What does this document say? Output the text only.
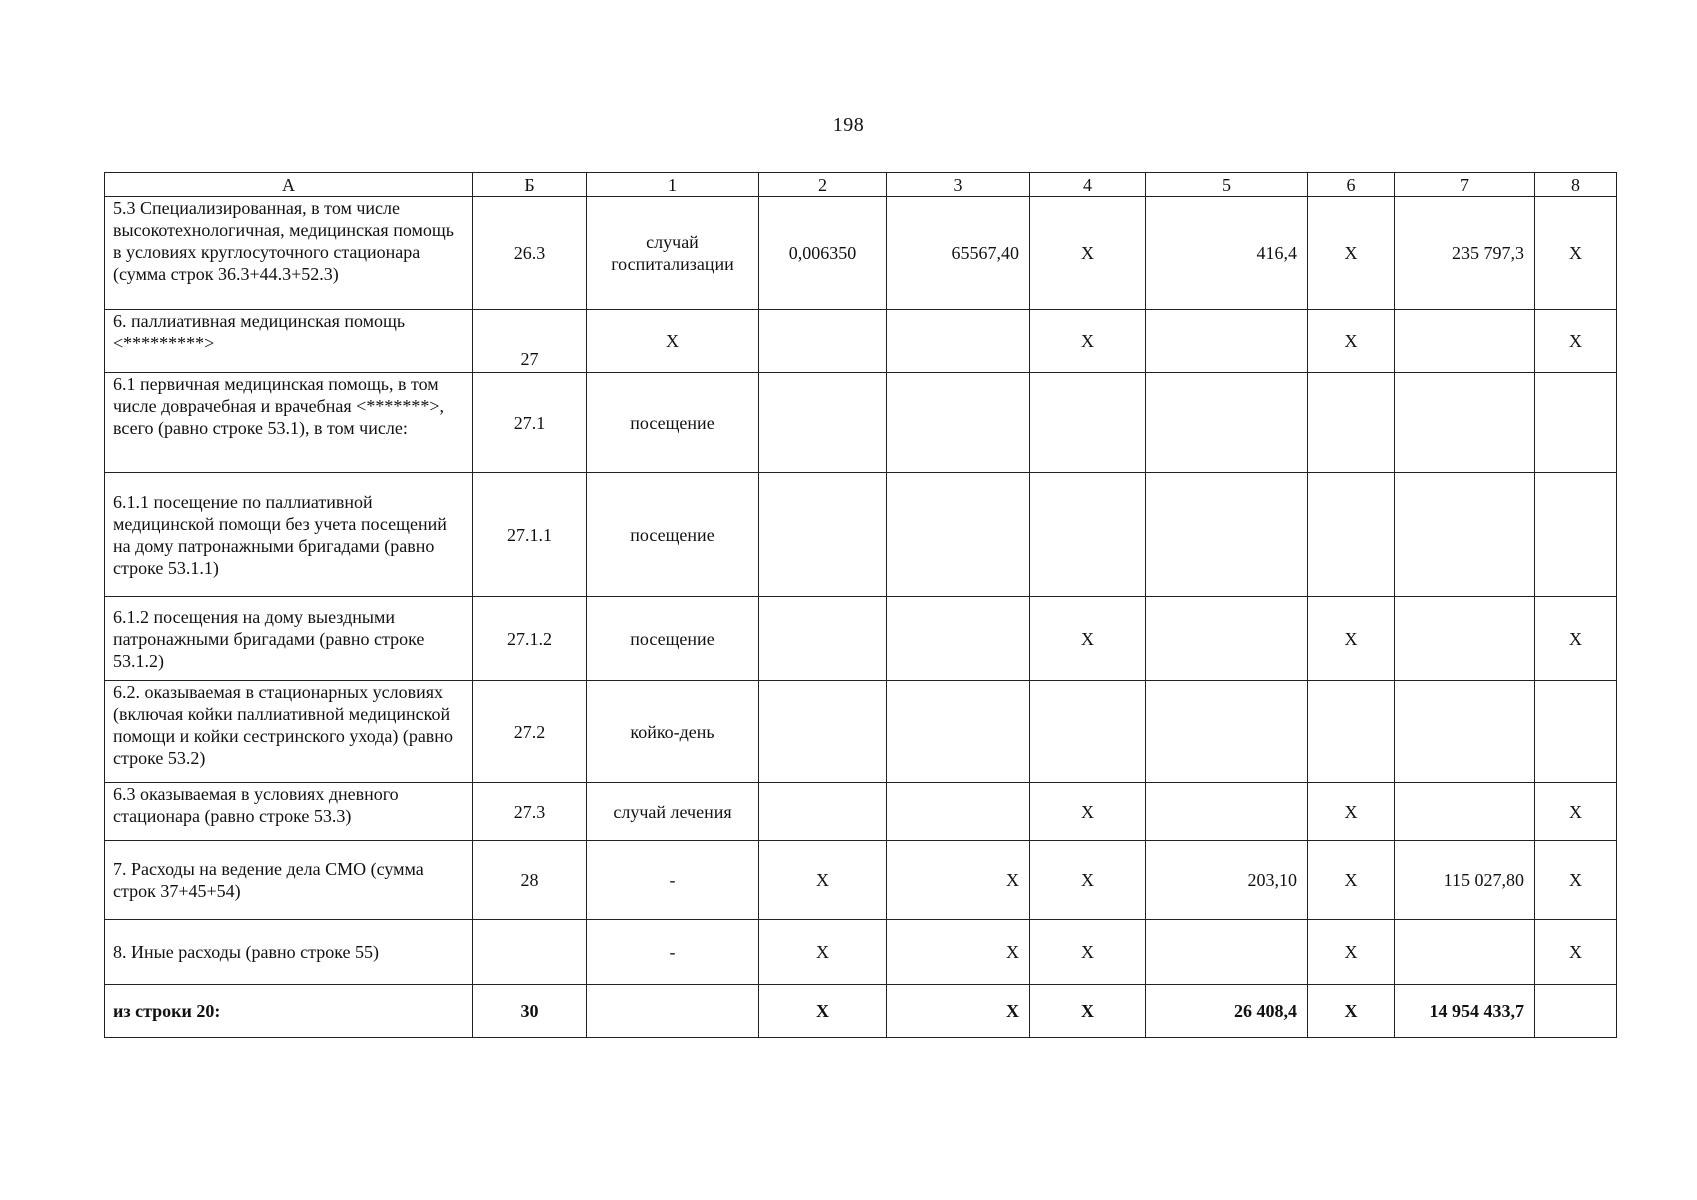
198
А	Б	1	2	3	4	5	6	7	8
5.3 Специализированная, в том числе высокотехнологичная, медицинская помощь в условиях круглосуточного стационара (сумма строк 36.3+44.3+52.3)	26.3	случай госпитализации	0,006350	65567,40	Х	416,4	Х	235 797,3	Х
6. паллиативная медицинская помощь <*********>	27	Х			Х		Х		Х
6.1 первичная медицинская помощь, в том числе доврачебная и врачебная <*******>, всего (равно строке 53.1), в том числе:	27.1	посещение							
6.1.1 посещение по паллиативной медицинской помощи без учета посещений на дому патронажными бригадами (равно строке 53.1.1)	27.1.1	посещение							
6.1.2 посещения на дому выездными патронажными бригадами (равно строке 53.1.2)	27.1.2	посещение			Х		Х		Х
6.2. оказываемая в стационарных условиях (включая койки паллиативной медицинской помощи и койки сестринского ухода) (равно строке 53.2)	27.2	койко-день							
6.3 оказываемая в условиях дневного стационара (равно строке 53.3)	27.3	случай лечения			Х		Х		Х
7. Расходы на ведение дела СМО (сумма строк 37+45+54)	28	-	Х	Х	Х	203,10	Х	115 027,80	Х
8. Иные расходы (равно строке 55)		-	Х	Х	Х		Х		Х
из строки 20:	30		Х	Х	Х	26 408,4	Х	14 954 433,7	
